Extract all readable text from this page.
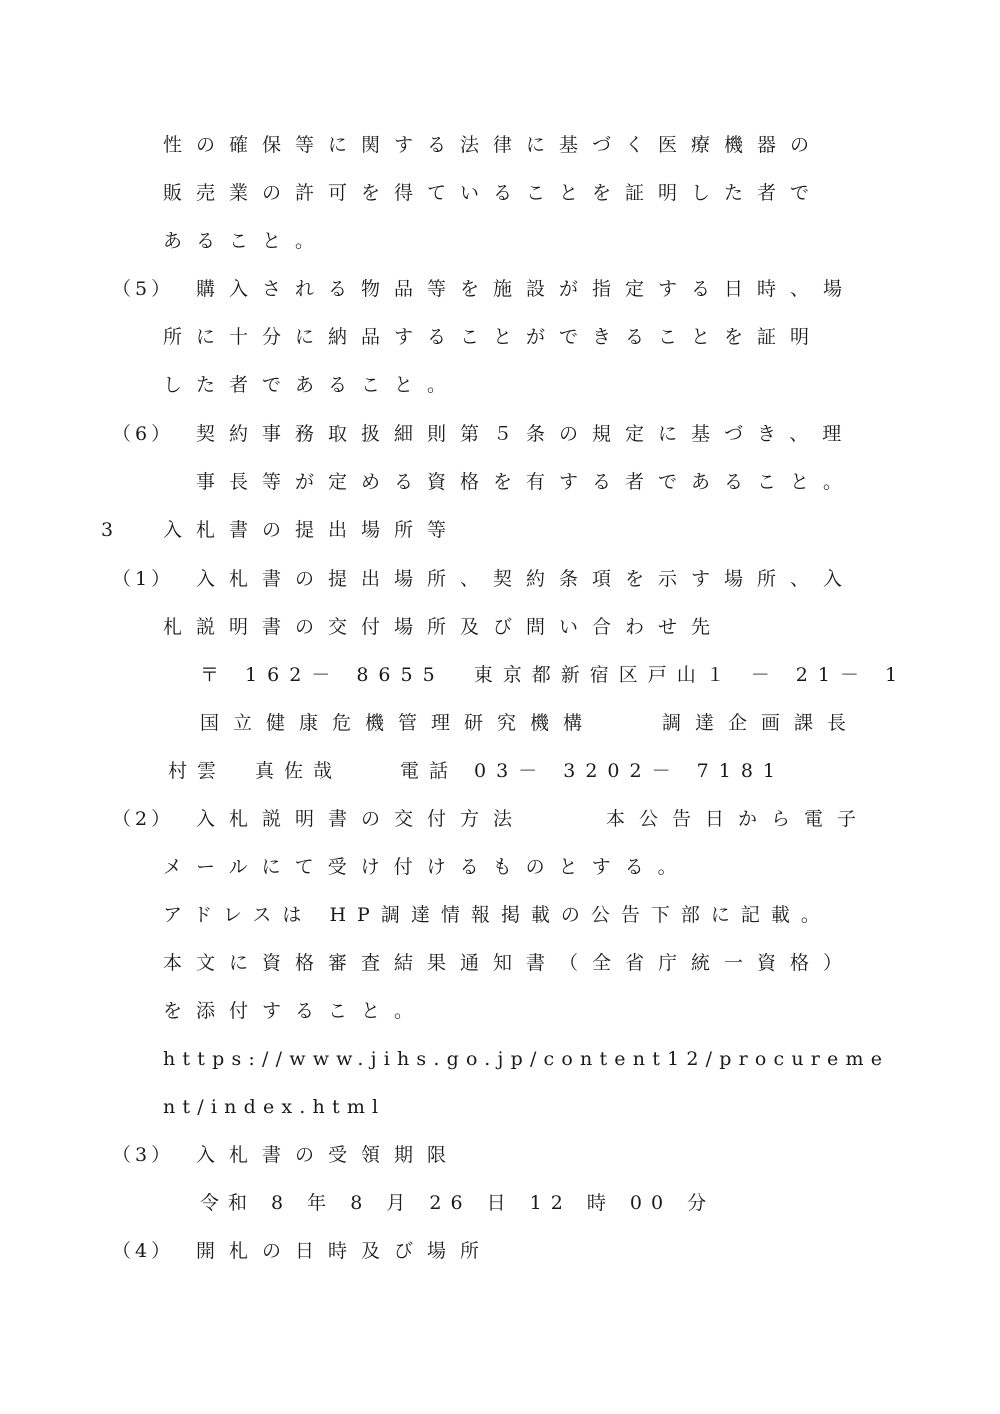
性の確保等に関する法律に基づく医療機器の
販売業の許可を得ていることを証明した者で
あること。
（5） 購入される物品等を施設が指定する日時、場
所に十分に納品することができることを証明
した者であること。
（6） 契約事務取扱細則第５条の規定に基づき、理
事長等が定める資格を有する者であること。
3	入札書の提出場所等
（1） 入札書の提出場所、契約条項を示す場所、入
札説明書の交付場所及び問い合わせ先
〒 162－ 8655　東京都新宿区戸山１ － 21－ 1
国立健康危機管理研究機構　　調達企画課長
村雲　真佐哉　　電話 03－ 3202－ 7181
（2） 入札説明書の交付方法	本公告日から電子
メールにて受け付けるものとする。
アドレスは HP調達情報掲載の公告下部に記載。
本文に資格審査結果通知書（全省庁統一資格）
を添付すること。
https://www.jihs.go.jp/content12/procureme
nt/index.html
（3） 入札書の受領期限
令和 8 年 8 月 26 日 12 時 00 分
（4） 開札の日時及び場所
